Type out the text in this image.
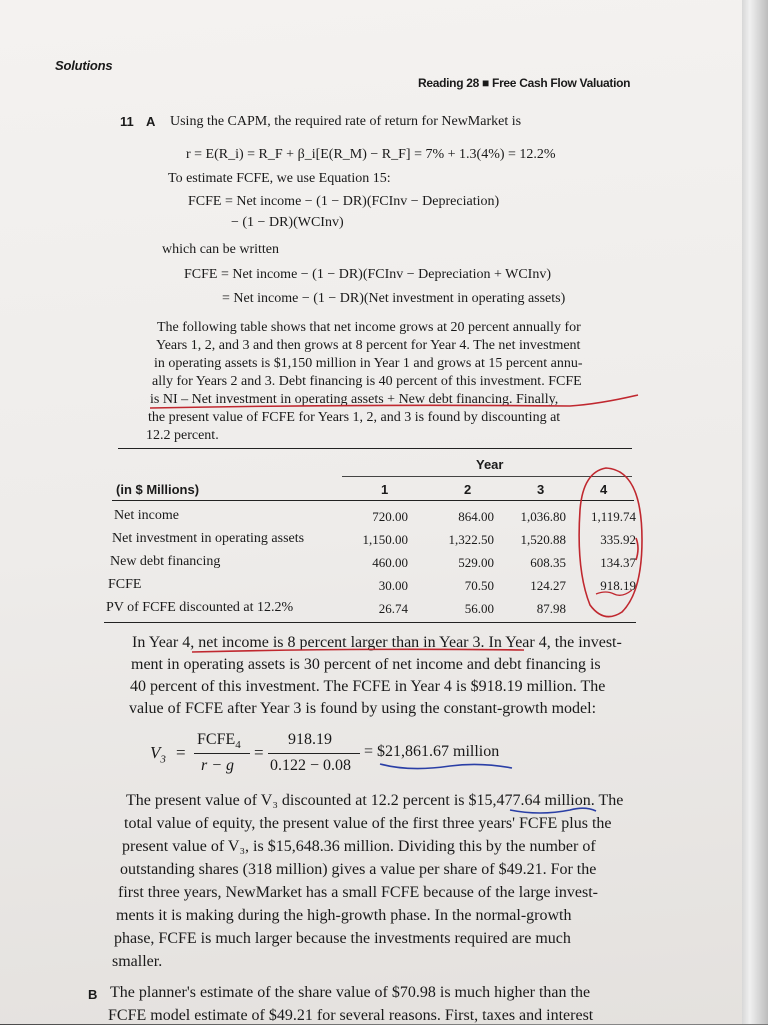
Solutions
Reading 28 ■ Free Cash Flow Valuation
11 A Using the CAPM, the required rate of return for NewMarket is
r = E(R_i) = R_F + β_i[E(R_M) − R_F] = 7% + 1.3(4%) = 12.2%
To estimate FCFE, we use Equation 15:
FCFE = Net income − (1 − DR)(FCInv − Depreciation)
− (1 − DR)(WCInv)
which can be written
FCFE = Net income − (1 − DR)(FCInv − Depreciation + WCInv)
= Net income − (1 − DR)(Net investment in operating assets)
The following table shows that net income grows at 20 percent annually for
Years 1, 2, and 3 and then grows at 8 percent for Year 4. The net investment
in operating assets is $1,150 million in Year 1 and grows at 15 percent annu-
ally for Years 2 and 3. Debt financing is 40 percent of this investment. FCFE
is NI – Net investment in operating assets + New debt financing. Finally,
the present value of FCFE for Years 1, 2, and 3 is found by discounting at
12.2 percent.
Year
(in $ Millions)	1	2	3	4
Net income	720.00	864.00	1,036.80	1,119.74
Net investment in operating assets	1,150.00	1,322.50	1,520.88	335.92
New debt financing	460.00	529.00	608.35	134.37
FCFE	30.00	70.50	124.27	918.19
PV of FCFE discounted at 12.2%	26.74	56.00	87.98
In Year 4, net income is 8 percent larger than in Year 3. In Year 4, the invest-
ment in operating assets is 30 percent of net income and debt financing is
40 percent of this investment. The FCFE in Year 4 is $918.19 million. The
value of FCFE after Year 3 is found by using the constant-growth model:
$V_3$ =
$FCFE_4$
r − g
=
918.19
0.122 − 0.08
= $21,861.67 million
The present value of V₃ discounted at 12.2 percent is $15,477.64 million. The
total value of equity, the present value of the first three years' FCFE plus the
present value of V₃, is $15,648.36 million. Dividing this by the number of
outstanding shares (318 million) gives a value per share of $49.21. For the
first three years, NewMarket has a small FCFE because of the large invest-
ments it is making during the high-growth phase. In the normal-growth
phase, FCFE is much larger because the investments required are much
smaller.
B The planner's estimate of the share value of $70.98 is much higher than the
FCFE model estimate of $49.21 for several reasons. First, taxes and interest
